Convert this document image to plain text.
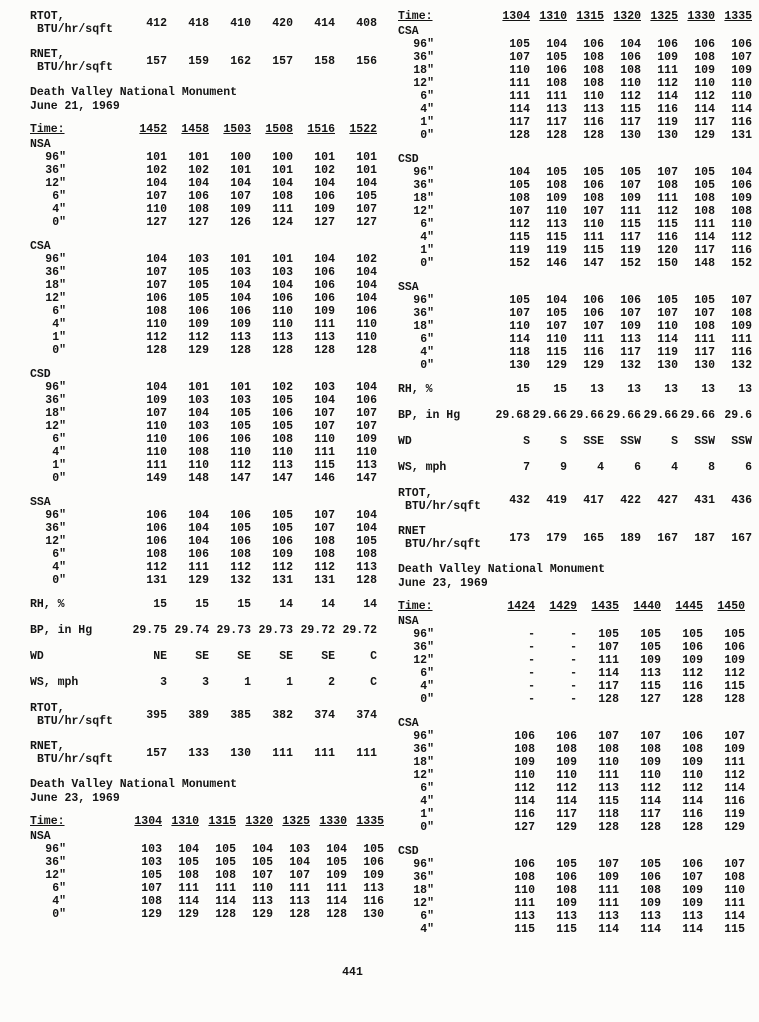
RTOT,
BTU/hr/sqft	412	418	410	420	414	408
RNET,
BTU/hr/sqft	157	159	162	157	158	156
Death Valley National Monument
June 21, 1969
Time:	1452	1458	1503	1508	1516	1522
NSA
96"	101	101	100	100	101	101
36"	102	102	101	101	102	101
12"	104	104	104	104	104	104
6"	107	106	107	108	106	105
4"	110	108	109	111	109	107
0"	127	127	126	124	127	127
CSA
96"	104	103	101	101	104	102
36"	107	105	103	103	106	104
18"	107	105	104	104	106	104
12"	106	105	104	106	106	104
6"	108	106	106	110	109	106
4"	110	109	109	110	111	110
1"	112	112	113	113	113	110
0"	128	129	128	128	128	128
CSD
96"	104	101	101	102	103	104
36"	109	103	103	105	104	106
18"	107	104	105	106	107	107
12"	110	103	105	105	107	107
6"	110	106	106	108	110	109
4"	110	108	110	110	111	110
1"	111	110	112	113	115	113
0"	149	148	147	147	146	147
SSA
96"	106	104	106	105	107	104
36"	106	104	105	105	107	104
12"	106	104	106	106	108	105
6"	108	106	108	109	108	108
4"	112	111	112	112	112	113
0"	131	129	132	131	131	128
RH, %	15	15	15	14	14	14
BP, in Hg	29.75 29.74 29.73 29.73 29.72 29.72
WD	NE	SE	SE	SE	SE	C
WS, mph	3	3	1	1	2	C
RTOT,
BTU/hr/sqft	395	389	385	382	374	374
RNET,
BTU/hr/sqft	157	133	130	111	111	111
Death Valley National Monument
June 23, 1969
Time:	1304 1310 1315 1320 1325 1330 1335
NSA
96"	103	104	105	104	103	104	105
36"	103	105	105	105	104	105	106
12"	105	108	108	107	107	109	109
6"	107	111	111	110	111	111	113
4"	108	114	114	113	113	114	116
0"	129	129	128	129	128	128	130
Time:	1304 1310 1315 1320 1325 1330 1335
CSA
96"	105	104	106	104	106	106	106
36"	107	105	108	106	109	108	107
18"	110	106	108	108	111	109	109
12"	111	108	108	110	112	110	110
6"	111	111	110	112	114	112	110
4"	114	113	113	115	116	114	114
1"	117	117	116	117	119	117	116
0"	128	128	128	130	130	129	131
CSD
96"	104	105	105	105	107	105	104
36"	105	108	106	107	108	105	106
18"	108	109	108	109	111	108	109
12"	107	110	107	111	112	108	108
6"	112	113	110	115	115	111	110
4"	115	115	111	117	116	114	112
1"	119	119	115	119	120	117	116
0"	152	146	147	152	150	148	152
SSA
96"	105	104	106	106	105	105	107
36"	107	105	106	107	107	107	108
18"	110	107	107	109	110	108	109
6"	114	110	111	113	114	111	111
4"	118	115	116	117	119	117	116
0"	130	129	129	132	130	130	132
RH, %	15	15	13	13	13	13	13
BP, in Hg	29.68 29.66 29.66 29.66 29.66 29.66 29.6
WD	S	S	SSE	SSW	S	SSW	SSW
WS, mph	7	9	4	6	4	8	6
RTOT,
BTU/hr/sqft	432	419	417	422	427	431	436
RNET
BTU/hr/sqft	173	179	165	189	167	187	167
Death Valley National Monument
June 23, 1969
Time:	1424	1429	1435	1440	1445	1450
NSA
96"	-	-	105	105	105	105
36"	-	-	107	105	106	106
12"	-	-	111	109	109	109
6"	-	-	114	113	112	112
4"	-	-	117	115	116	115
0"	-	-	128	127	128	128
CSA
96"	106	106	107	107	106	107
36"	108	108	108	108	108	109
18"	109	109	110	109	109	111
12"	110	110	111	110	110	112
6"	112	112	113	112	112	114
4"	114	114	115	114	114	116
1"	116	117	118	117	116	119
0"	127	129	128	128	128	129
CSD
96"	106	105	107	105	106	107
36"	108	106	109	106	107	108
18"	110	108	111	108	109	110
12"	111	109	111	109	109	111
6"	113	113	113	113	113	114
4"	115	115	114	114	114	115
441
